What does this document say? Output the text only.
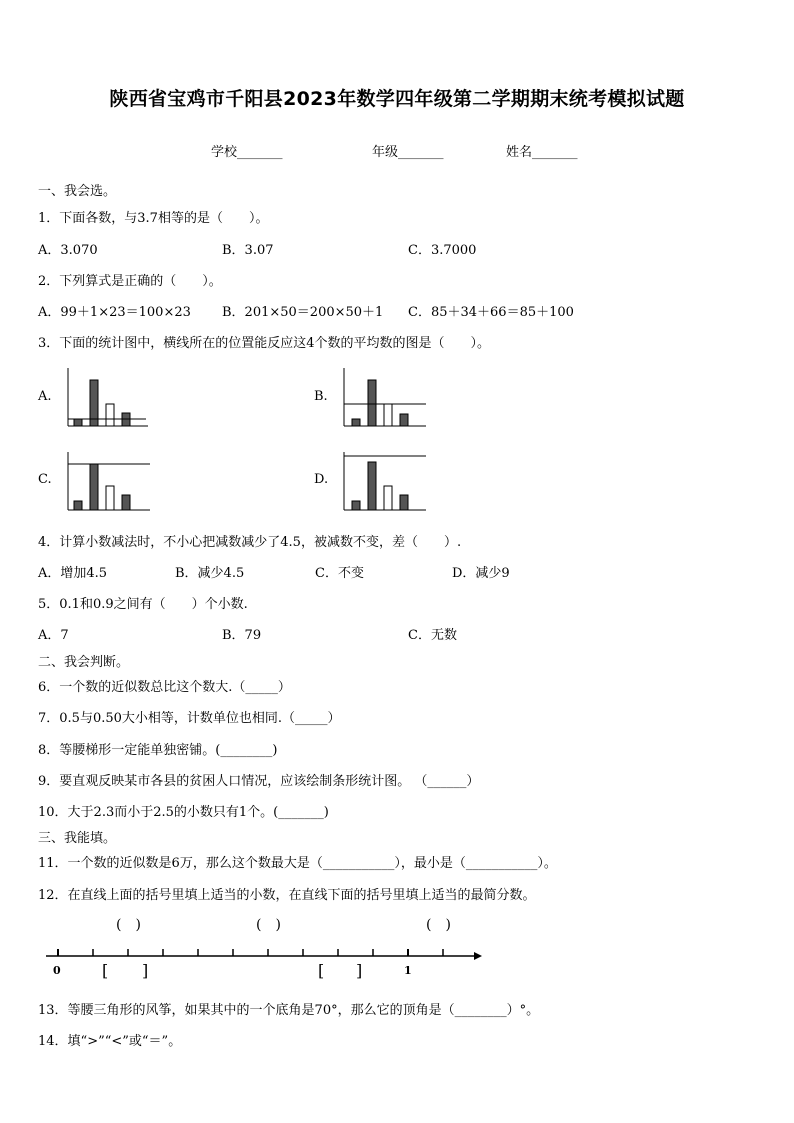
陕西省宝鸡市千阳县2023年数学四年级第二学期期末统考模拟试题
学校_______	年级_______	姓名_______
一、我会选。
1．下面各数，与3.7相等的是（　　）。
A．3.070	B．3.07	C．3.7000
2．下列算式是正确的（　　）。
A．99＋1×23＝100×23 B．201×50＝200×50＋1 C．85＋34＋66＝85＋100
3．下面的统计图中，横线所在的位置能反应这4个数的平均数的图是（　　）。
A.	B.
C.	D.
4．计算小数减法时，不小心把减数减少了4.5，被减数不变，差（　　）.
A．增加4.5	B．减少4.5	C．不变	D．减少9
5．0.1和0.9之间有（　　）个小数.
A．7	B．79	C．无数
二、我会判断。
6．一个数的近似数总比这个数大.（_____）
7．0.5与0.50大小相等，计数单位也相同.（_____）
8．等腰梯形一定能单独密铺。(________)
9．要直观反映某市各县的贫困人口情况，应该绘制条形统计图。 （______）
10．大于2.3而小于2.5的小数只有1个。(_______)
三、我能填。
11．一个数的近似数是6万，那么这个数最大是（___________），最小是（___________）。
12．在直线上面的括号里填上适当的小数，在直线下面的括号里填上适当的最简分数。
(　)	(　)	(　)
[ ]	[ ]
0	1
13．等腰三角形的风筝，如果其中的一个底角是70°，那么它的顶角是（________）°。
14．填“>”“<”或“＝”。
